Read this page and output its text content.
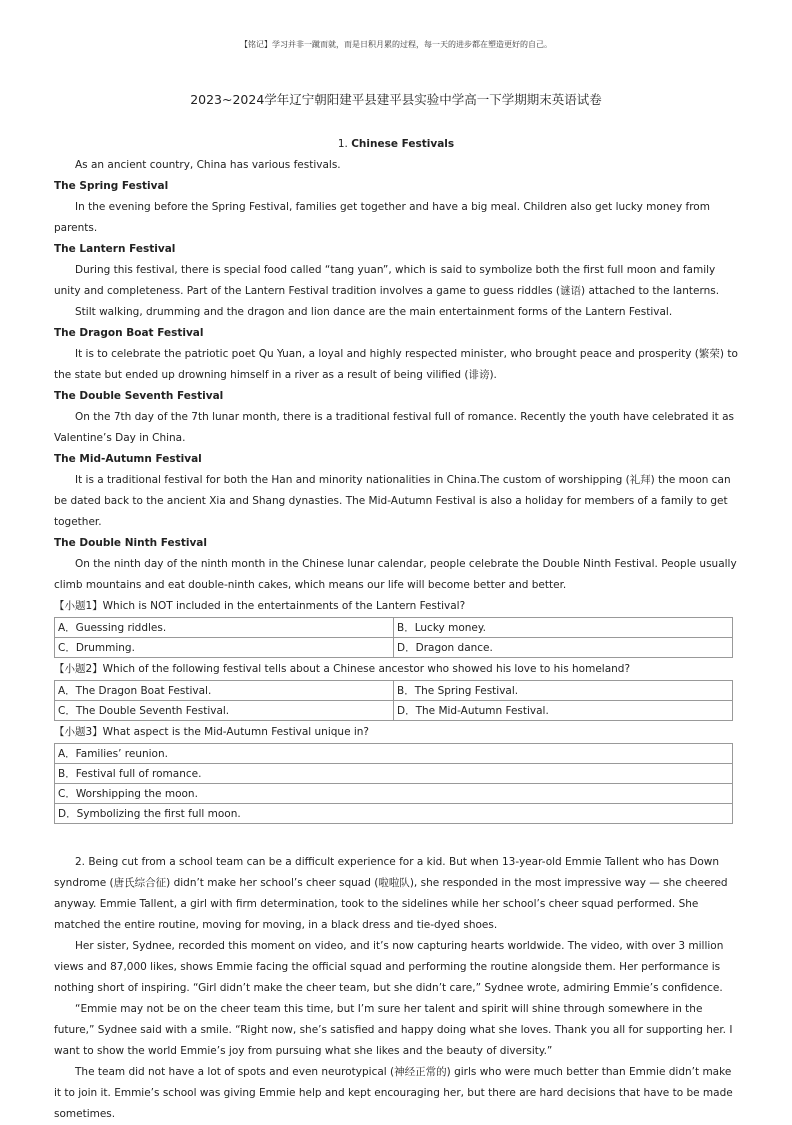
【铭记】学习并非一蹴而就，而是日积月累的过程，每一天的进步都在塑造更好的自己。
2023~2024学年辽宁朝阳建平县建平县实验中学高一下学期期末英语试卷
1. Chinese Festivals
As an ancient country, China has various festivals.
The Spring Festival
In the evening before the Spring Festival, families get together and have a big meal. Children also get lucky money from parents.
The Lantern Festival
During this festival, there is special food called “tang yuan”, which is said to symbolize both the first full moon and family unity and completeness. Part of the Lantern Festival tradition involves a game to guess riddles (谜语) attached to the lanterns.
Stilt walking, drumming and the dragon and lion dance are the main entertainment forms of the Lantern Festival.
The Dragon Boat Festival
It is to celebrate the patriotic poet Qu Yuan, a loyal and highly respected minister, who brought peace and prosperity (繁荣) to the state but ended up drowning himself in a river as a result of being vilified (诽谤).
The Double Seventh Festival
On the 7th day of the 7th lunar month, there is a traditional festival full of romance. Recently the youth have celebrated it as Valentine’s Day in China.
The Mid-Autumn Festival
It is a traditional festival for both the Han and minority nationalities in China.The custom of worshipping (礼拜) the moon can be dated back to the ancient Xia and Shang dynasties. The Mid-Autumn Festival is also a holiday for members of a family to get together.
The Double Ninth Festival
On the ninth day of the ninth month in the Chinese lunar calendar, people celebrate the Double Ninth Festival. People usually climb mountains and eat double-ninth cakes, which means our life will become better and better.
【小题1】Which is NOT included in the entertainments of the Lantern Festival?
A．Guessing riddles.	B．Lucky money.
C．Drumming.	D．Dragon dance.
【小题2】Which of the following festival tells about a Chinese ancestor who showed his love to his homeland?
A．The Dragon Boat Festival.	B．The Spring Festival.
C．The Double Seventh Festival.	D．The Mid-Autumn Festival.
【小题3】What aspect is the Mid-Autumn Festival unique in?
A．Families’ reunion.
B．Festival full of romance.
C．Worshipping the moon.
D．Symbolizing the first full moon.
2. Being cut from a school team can be a difficult experience for a kid. But when 13-year-old Emmie Tallent who has Down syndrome (唐氏综合征) didn’t make her school’s cheer squad (啦啦队), she responded in the most impressive way — she cheered anyway. Emmie Tallent, a girl with firm determination, took to the sidelines while her school’s cheer squad performed. She matched the entire routine, moving for moving, in a black dress and tie-dyed shoes.
Her sister, Sydnee, recorded this moment on video, and it’s now capturing hearts worldwide. The video, with over 3 million views and 87,000 likes, shows Emmie facing the official squad and performing the routine alongside them. Her performance is nothing short of inspiring. “Girl didn’t make the cheer team, but she didn’t care,” Sydnee wrote, admiring Emmie’s confidence.
“Emmie may not be on the cheer team this time, but I’m sure her talent and spirit will shine through somewhere in the future,” Sydnee said with a smile. “Right now, she’s satisfied and happy doing what she loves. Thank you all for supporting her. I want to show the world Emmie’s joy from pursuing what she likes and the beauty of diversity.”
The team did not have a lot of spots and even neurotypical (神经正常的) girls who were much better than Emmie didn’t make it to join it. Emmie’s school was giving Emmie help and kept encouraging her, but there are hard decisions that have to be made sometimes.
